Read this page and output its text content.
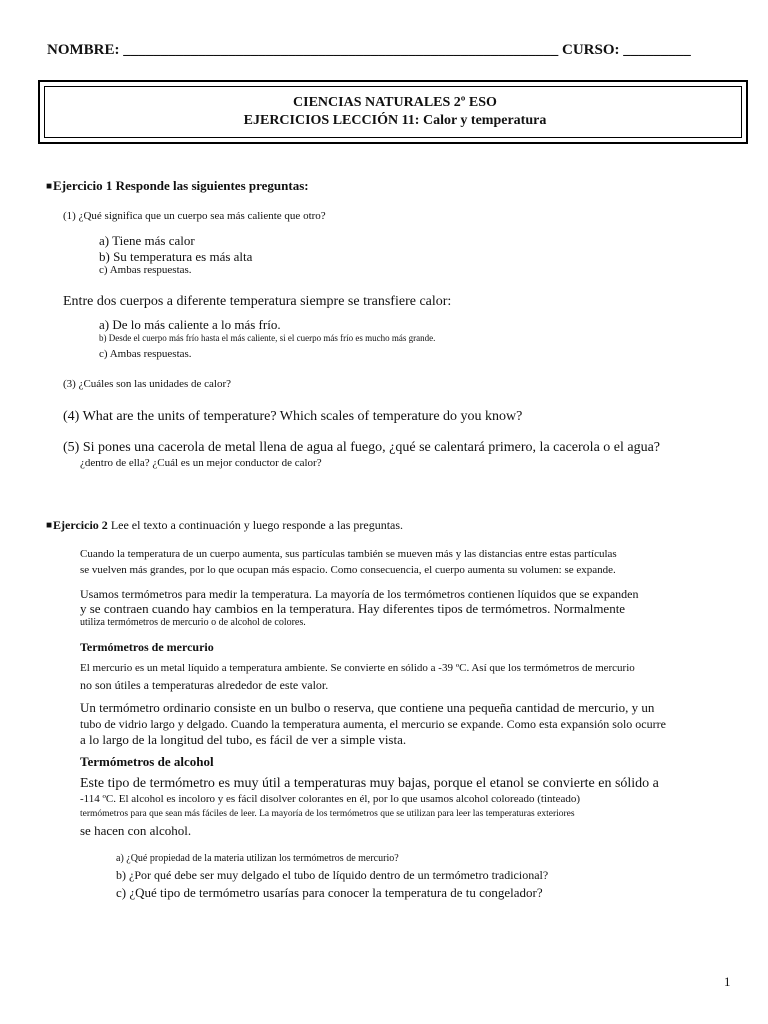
NOMBRE: __________________________________________________________ CURSO: _________
CIENCIAS NATURALES 2º ESO
EJERCICIOS LECCIÓN 11: Calor y temperatura
■Ejercicio 1 Responde las siguientes preguntas:
(1) ¿Qué significa que un cuerpo sea más caliente que otro?
a) Tiene más calor
b) Su temperatura es más alta
c) Ambas respuestas.
Entre dos cuerpos a diferente temperatura siempre se transfiere calor:
a) De lo más caliente a lo más frío.
b) Desde el cuerpo más frío hasta el más caliente, si el cuerpo más frío es mucho más grande.
c) Ambas respuestas.
(3) ¿Cuáles son las unidades de calor?
(4) What are the units of temperature? Which scales of temperature do you know?
(5) Si pones una cacerola de metal llena de agua al fuego, ¿qué se calentará primero, la cacerola o el agua?
¿dentro de ella? ¿Cuál es un mejor conductor de calor?
■Ejercicio 2 Lee el texto a continuación y luego responde a las preguntas.
Cuando la temperatura de un cuerpo aumenta, sus partículas también se mueven más y las distancias entre estas partículas
se vuelven más grandes, por lo que ocupan más espacio. Como consecuencia, el cuerpo aumenta su volumen: se expande.
Usamos termómetros para medir la temperatura. La mayoría de los termómetros contienen líquidos que se expanden
y se contraen cuando hay cambios en la temperatura. Hay diferentes tipos de termómetros. Normalmente
utiliza termómetros de mercurio o de alcohol de colores.
Termómetros de mercurio
El mercurio es un metal líquido a temperatura ambiente. Se convierte en sólido a -39 ºC. Así que los termómetros de mercurio
no son útiles a temperaturas alrededor de este valor.
Un termómetro ordinario consiste en un bulbo o reserva, que contiene una pequeña cantidad de mercurio, y un
tubo de vidrio largo y delgado. Cuando la temperatura aumenta, el mercurio se expande. Como esta expansión solo ocurre
a lo largo de la longitud del tubo, es fácil de ver a simple vista.
Termómetros de alcohol
Este tipo de termómetro es muy útil a temperaturas muy bajas, porque el etanol se convierte en sólido a
-114 ºC. El alcohol es incoloro y es fácil disolver colorantes en él, por lo que usamos alcohol coloreado (tinteado)
termómetros para que sean más fáciles de leer. La mayoría de los termómetros que se utilizan para leer las temperaturas exteriores
se hacen con alcohol.
a) ¿Qué propiedad de la materia utilizan los termómetros de mercurio?
b) ¿Por qué debe ser muy delgado el tubo de líquido dentro de un termómetro tradicional?
c) ¿Qué tipo de termómetro usarías para conocer la temperatura de tu congelador?
1
